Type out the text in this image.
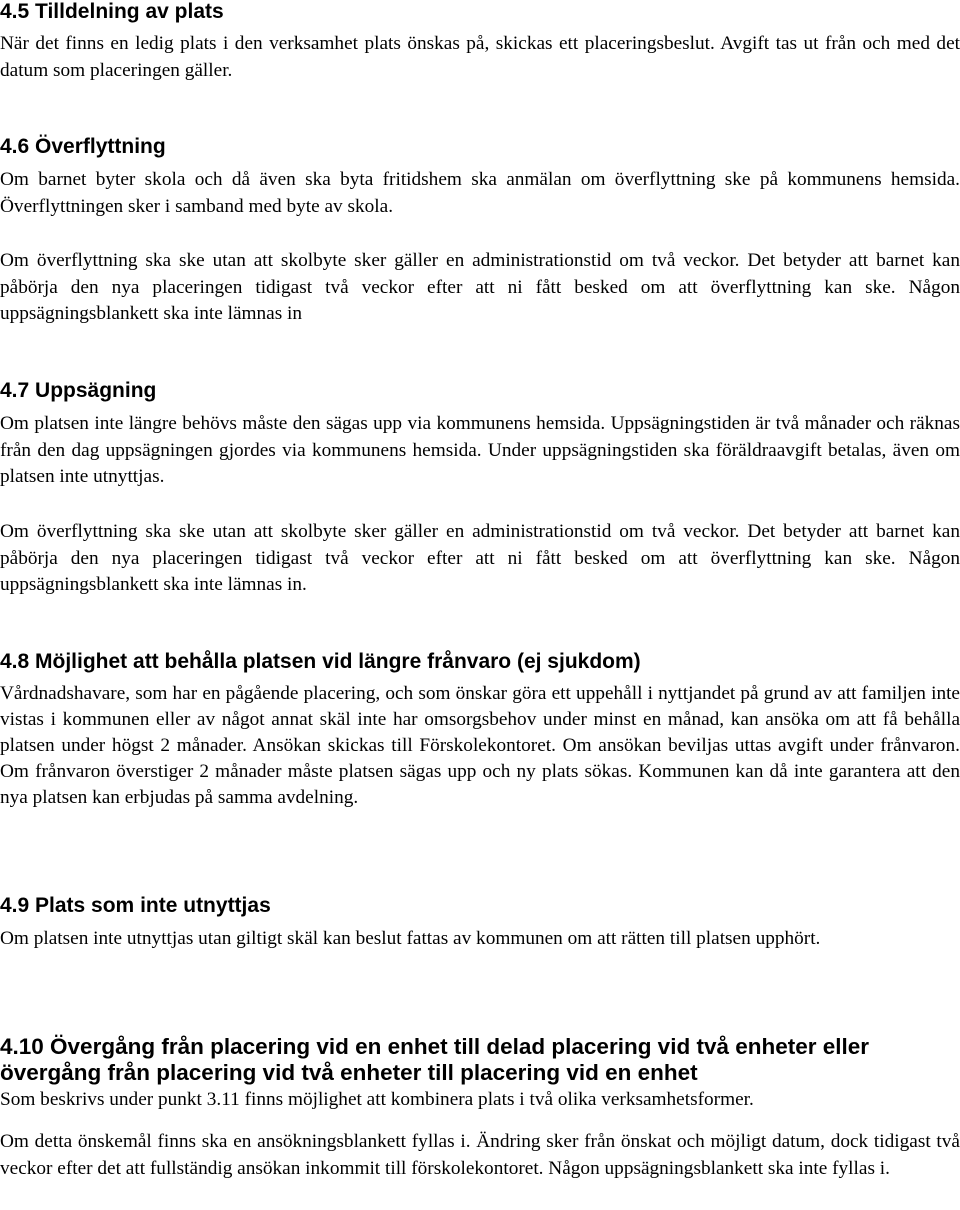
4.5 Tilldelning av plats

När det finns en ledig plats i den verksamhet plats önskas på, skickas ett placeringsbeslut. Avgift tas ut från och med det datum som placeringen gäller.

4.6 Överflyttning

Om barnet byter skola och då även ska byta fritidshem ska anmälan om överflyttning ske på kommunens hemsida. Överflyttningen sker i samband med byte av skola.

Om överflyttning ska ske utan att skolbyte sker gäller en administrationstid om två veckor. Det betyder att barnet kan påbörja den nya placeringen tidigast två veckor efter att ni fått besked om att överflyttning kan ske. Någon uppsägningsblankett ska inte lämnas in

4.7 Uppsägning

Om platsen inte längre behövs måste den sägas upp via kommunens hemsida. Uppsägningstiden är två månader och räknas från den dag uppsägningen gjordes via kommunens hemsida. Under uppsägningstiden ska föräldraavgift betalas, även om platsen inte utnyttjas.

Om överflyttning ska ske utan att skolbyte sker gäller en administrationstid om två veckor. Det betyder att barnet kan påbörja den nya placeringen tidigast två veckor efter att ni fått besked om att överflyttning kan ske. Någon uppsägningsblankett ska inte lämnas in.

4.8 Möjlighet att behålla platsen vid längre frånvaro (ej sjukdom)

Vårdnadshavare, som har en pågående placering, och som önskar göra ett uppehåll i nyttjandet på grund av att familjen inte vistas i kommunen eller av något annat skäl inte har omsorgsbehov under minst en månad, kan ansöka om att få behålla platsen under högst 2 månader. Ansökan skickas till Förskolekontoret. Om ansökan beviljas uttas avgift under frånvaron. Om frånvaron överstiger 2 månader måste platsen sägas upp och ny plats sökas. Kommunen kan då inte garantera att den nya platsen kan erbjudas på samma avdelning.

4.9 Plats som inte utnyttjas

Om platsen inte utnyttjas utan giltigt skäl kan beslut fattas av kommunen om att rätten till platsen upphört.

4.10 Övergång från placering vid en enhet till delad placering vid två enheter eller övergång från placering vid två enheter till placering vid en enhet

Som beskrivs under punkt 3.11 finns möjlighet att kombinera plats i två olika verksamhetsformer.

Om detta önskemål finns ska en ansökningsblankett fyllas i. Ändring sker från önskat och möjligt datum, dock tidigast två veckor efter det att fullständig ansökan inkommit till förskolekontoret. Någon uppsägningsblankett ska inte fyllas i.
